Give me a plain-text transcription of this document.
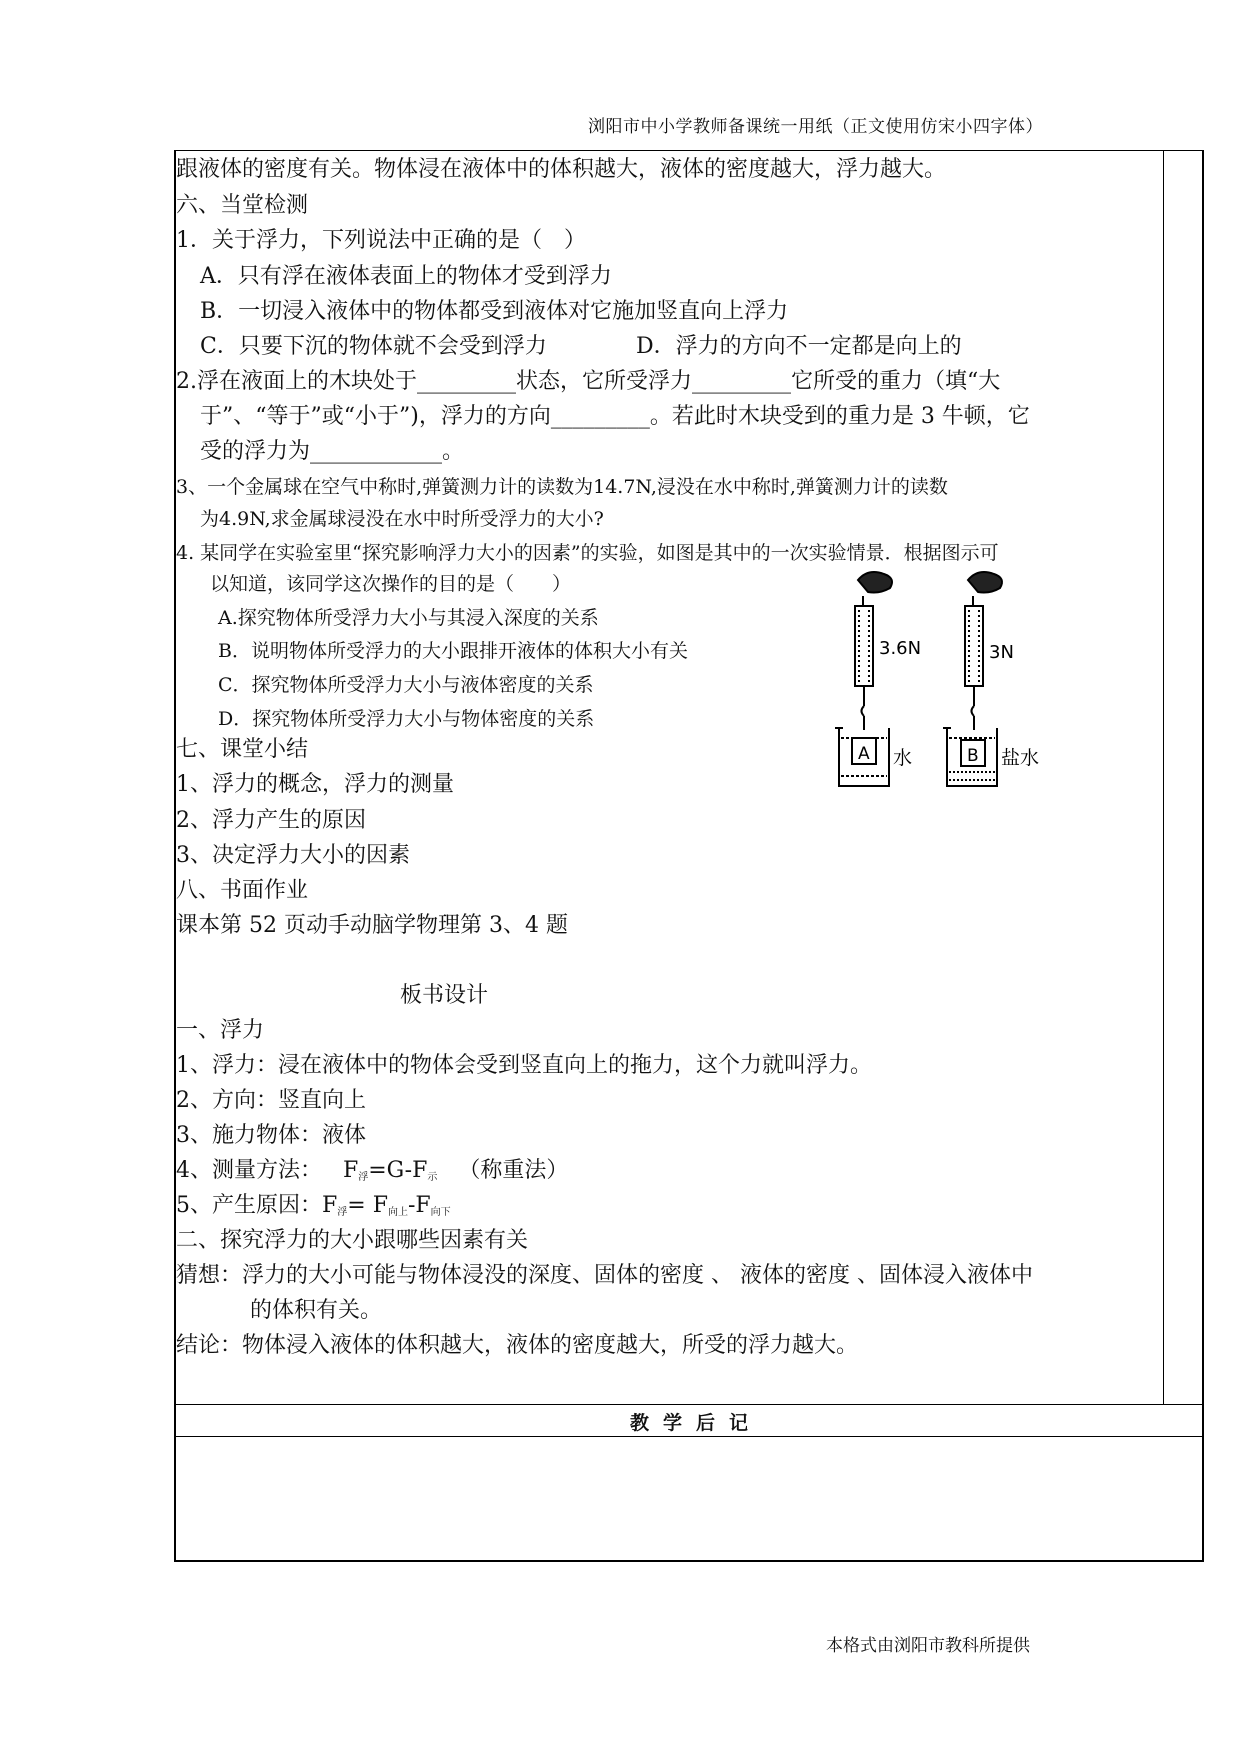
浏阳市中小学教师备课统一用纸（正文使用仿宋小四字体）
教学后记
跟液体的密度有关。物体浸在液体中的体积越大，液体的密度越大，浮力越大。
六、当堂检测
1．关于浮力，下列说法中正确的是（　）
A．只有浮在液体表面上的物体才受到浮力
B．一切浸入液体中的物体都受到液体对它施加竖直向上浮力
C．只要下沉的物体就不会受到浮力	D．浮力的方向不一定都是向上的
2.浮在液面上的木块处于_________状态，它所受浮力_________它所受的重力（填“大
于”、“等于”或“小于”)，浮力的方向_________。若此时木块受到的重力是 3 牛顿，它
受的浮力为____________。
3、一个金属球在空气中称时,弹簧测力计的读数为14.7N,浸没在水中称时,弹簧测力计的读数
为4.9N,求金属球浸没在水中时所受浮力的大小?
4. 某同学在实验室里“探究影响浮力大小的因素”的实验，如图是其中的一次实验情景．根据图示可
以知道，该同学这次操作的目的是（　　）
A.探究物体所受浮力大小与其浸入深度的关系
B．说明物体所受浮力的大小跟排开液体的体积大小有关
C．探究物体所受浮力大小与液体密度的关系
D．探究物体所受浮力大小与物体密度的关系
七、课堂小结
1、浮力的概念，浮力的测量
2、浮力产生的原因
3、决定浮力大小的因素
八、书面作业
课本第 52 页动手动脑学物理第 3、4 题
板书设计
一、浮力
1、浮力：浸在液体中的物体会受到竖直向上的拖力，这个力就叫浮力。
2、方向：竖直向上
3、施力物体：液体
4、测量方法： $F_浮=G-F_示$ （称重法）
5、产生原因：$F_浮= F_{向上}-F_{向下}$
二、探究浮力的大小跟哪些因素有关
猜想：浮力的大小可能与物体浸没的深度、固体的密度 、 液体的密度 、固体浸入液体中
的体积有关。
结论：物体浸入液体的体积越大，液体的密度越大，所受的浮力越大。
3.6N	3N
A	B
水	盐水
本格式由浏阳市教科所提供
